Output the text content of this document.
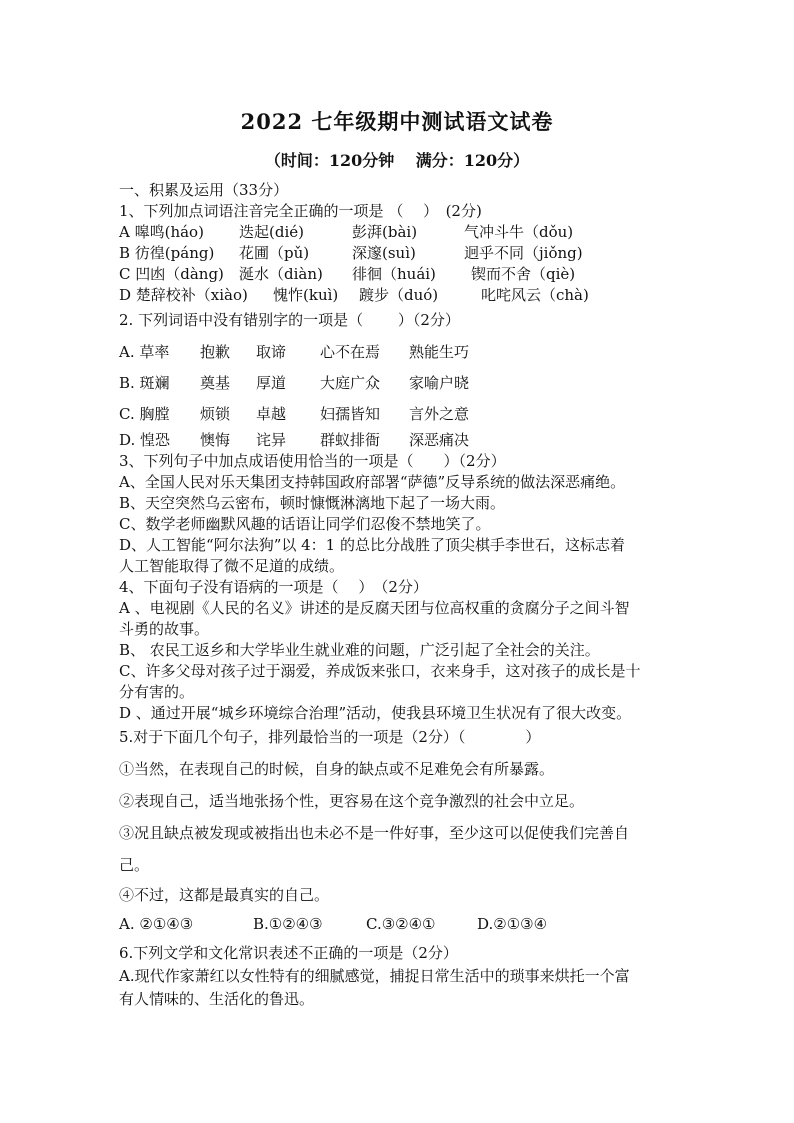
2022 七年级期中测试语文试卷
（时间：120分钟　 满分：120分）
一、积累及运用（33分）
1、下列加点词语注音完全正确的一项是 （　 ）　(2分)
A 嗥鸣(háo) 迭起(dié)	彭湃(bài)	气冲斗牛（dǒu)
B 彷徨(páng) 花圃（pǔ)	深邃(suì)	迥乎不同（jiǒng)
C 凹凼（dàng) 涎水（diàn) 徘徊（huái) 锲而不舍（qiè)
D 楚辞校补（xiào) 愧怍(kuì) 踱步（duó)	叱咤风云（chà)
2. 下列词语中没有错别字的一项是（　　 ）（2分）
A. 草率 抱歉 取谛 心不在焉 熟能生巧
B. 斑斓 奠基 厚道 大庭广众 家喻户晓
C. 胸膛 烦锁 卓越 妇孺皆知 言外之意
D. 惶恐 懊悔 诧异 群蚁排衙 深恶痛决
3、下列句子中加点成语使用恰当的一项是（　　）（2分）
A、全国人民对乐天集团支持韩国政府部署“萨德”反导系统的做法深恶痛绝。
B、天空突然乌云密布，顿时慷慨淋漓地下起了一场大雨。
C、数学老师幽默风趣的话语让同学们忍俊不禁地笑了。
D、人工智能“阿尔法狗”以 4：1 的总比分战胜了顶尖棋手李世石，这标志着
人工智能取得了微不足道的成绩。
4、下面句子没有语病的一项是（　 ）　（2分）
A 、电视剧《人民的名义》讲述的是反腐天团与位高权重的贪腐分子之间斗智
斗勇的故事。
B、 农民工返乡和大学毕业生就业难的问题，广泛引起了全社会的关注。
C、许多父母对孩子过于溺爱，养成饭来张口，衣来身手，这对孩子的成长是十
分有害的。
D 、通过开展“城乡环境综合治理”活动，使我县环境卫生状况有了很大改变。
5.对于下面几个句子，排列最恰当的一项是（2分）（　　　　）
①当然，在表现自己的时候，自身的缺点或不足难免会有所暴露。
②表现自己，适当地张扬个性，更容易在这个竞争激烈的社会中立足。
③况且缺点被发现或被指出也未必不是一件好事，至少这可以促使我们完善自
己。
④不过，这都是最真实的自己。
A. ②①④③	B.①②④③	C.③②④①	D.②①③④
6.下列文学和文化常识表述不正确的一项是（2分）
A.现代作家萧红以女性特有的细腻感觉，捕捉日常生活中的琐事来烘托一个富
有人情味的、生活化的鲁迅。
